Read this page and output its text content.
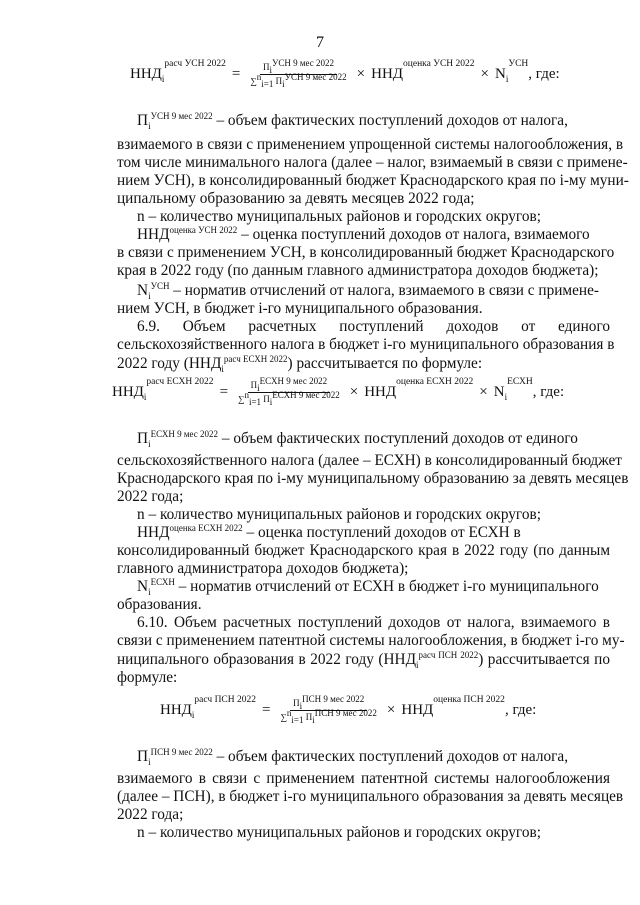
7
$ННД_i^{расч УСН 2022}$
= $\frac{П_i^{УСН 9 мес 2022}}{\sum^n_{i=1} П_i^{УСН 9 мес 2022}} \times ННД^{оценка УСН 2022}$
× $N_i^{УСН}$
, где:
$П_i^{УСН 9 мес 2022}$ – объем фактических поступлений доходов от налога,
взимаемого в связи с применением упрощенной системы налогообложения, в
том числе минимального налога (далее – налог, взимаемый в связи с примене-
нием УСН), в консолидированный бюджет Краснодарского края по i-му муни-
ципальному образованию за девять месяцев 2022 года;
n – количество муниципальных районов и городских округов;
$ННД^{оценка УСН 2022}$ – оценка поступлений доходов от налога, взимаемого
в связи с применением УСН, в консолидированный бюджет Краснодарского
края в 2022 году (по данным главного администратора доходов бюджета);
$N_i^{УСН}$ – норматив отчислений от налога, взимаемого в связи с примене-
нием УСН, в бюджет i-го муниципального образования.
6.9. Объем расчетных поступлений доходов от единого
сельскохозяйственного налога в бюджет i-го муниципального образования в
2022 году $(ННД_i^{расч ЕСХН 2022})$ рассчитывается по формуле:
$ННД_i^{расч ЕСХН 2022}$
= $\frac{П_i^{ЕСХН 9 мес 2022}}{\sum^n_{i=1} П_i^{ЕСХН 9 мес 2022}} \times ННД^{оценка ЕСХН 2022}$
× $N_i^{ЕСХН}$
, где:
$П_i^{ЕСХН 9 мес 2022}$ – объем фактических поступлений доходов от единого
сельскохозяйственного налога (далее – ЕСХН) в консолидированный бюджет
Краснодарского края по i-му муниципальному образованию за девять месяцев
2022 года;
n – количество муниципальных районов и городских округов;
$ННД^{оценка ЕСХН 2022}$ – оценка поступлений доходов от ЕСХН в
консолидированный бюджет Краснодарского края в 2022 году (по данным
главного администратора доходов бюджета);
$N_i^{ЕСХН}$ – норматив отчислений от ЕСХН в бюджет i-го муниципального
образования.
6.10. Объем расчетных поступлений доходов от налога, взимаемого в
связи с применением патентной системы налогообложения, в бюджет i-го му-
ниципального образования в 2022 году $(ННД_i^{расч ПСН 2022})$ рассчитывается по
формуле:
$ННД_i^{расч ПСН 2022}$
= $\frac{П_i^{ПСН 9 мес 2022}}{\sum^n_{i=1} П_i^{ПСН 9 мес 2022}} \times ННД^{оценка ПСН 2022}$
, где:
$П_i^{ПСН 9 мес 2022}$ – объем фактических поступлений доходов от налога,
взимаемого в связи с применением патентной системы налогообложения
(далее – ПСН), в бюджет i-го муниципального образования за девять месяцев
2022 года;
n – количество муниципальных районов и городских округов;
